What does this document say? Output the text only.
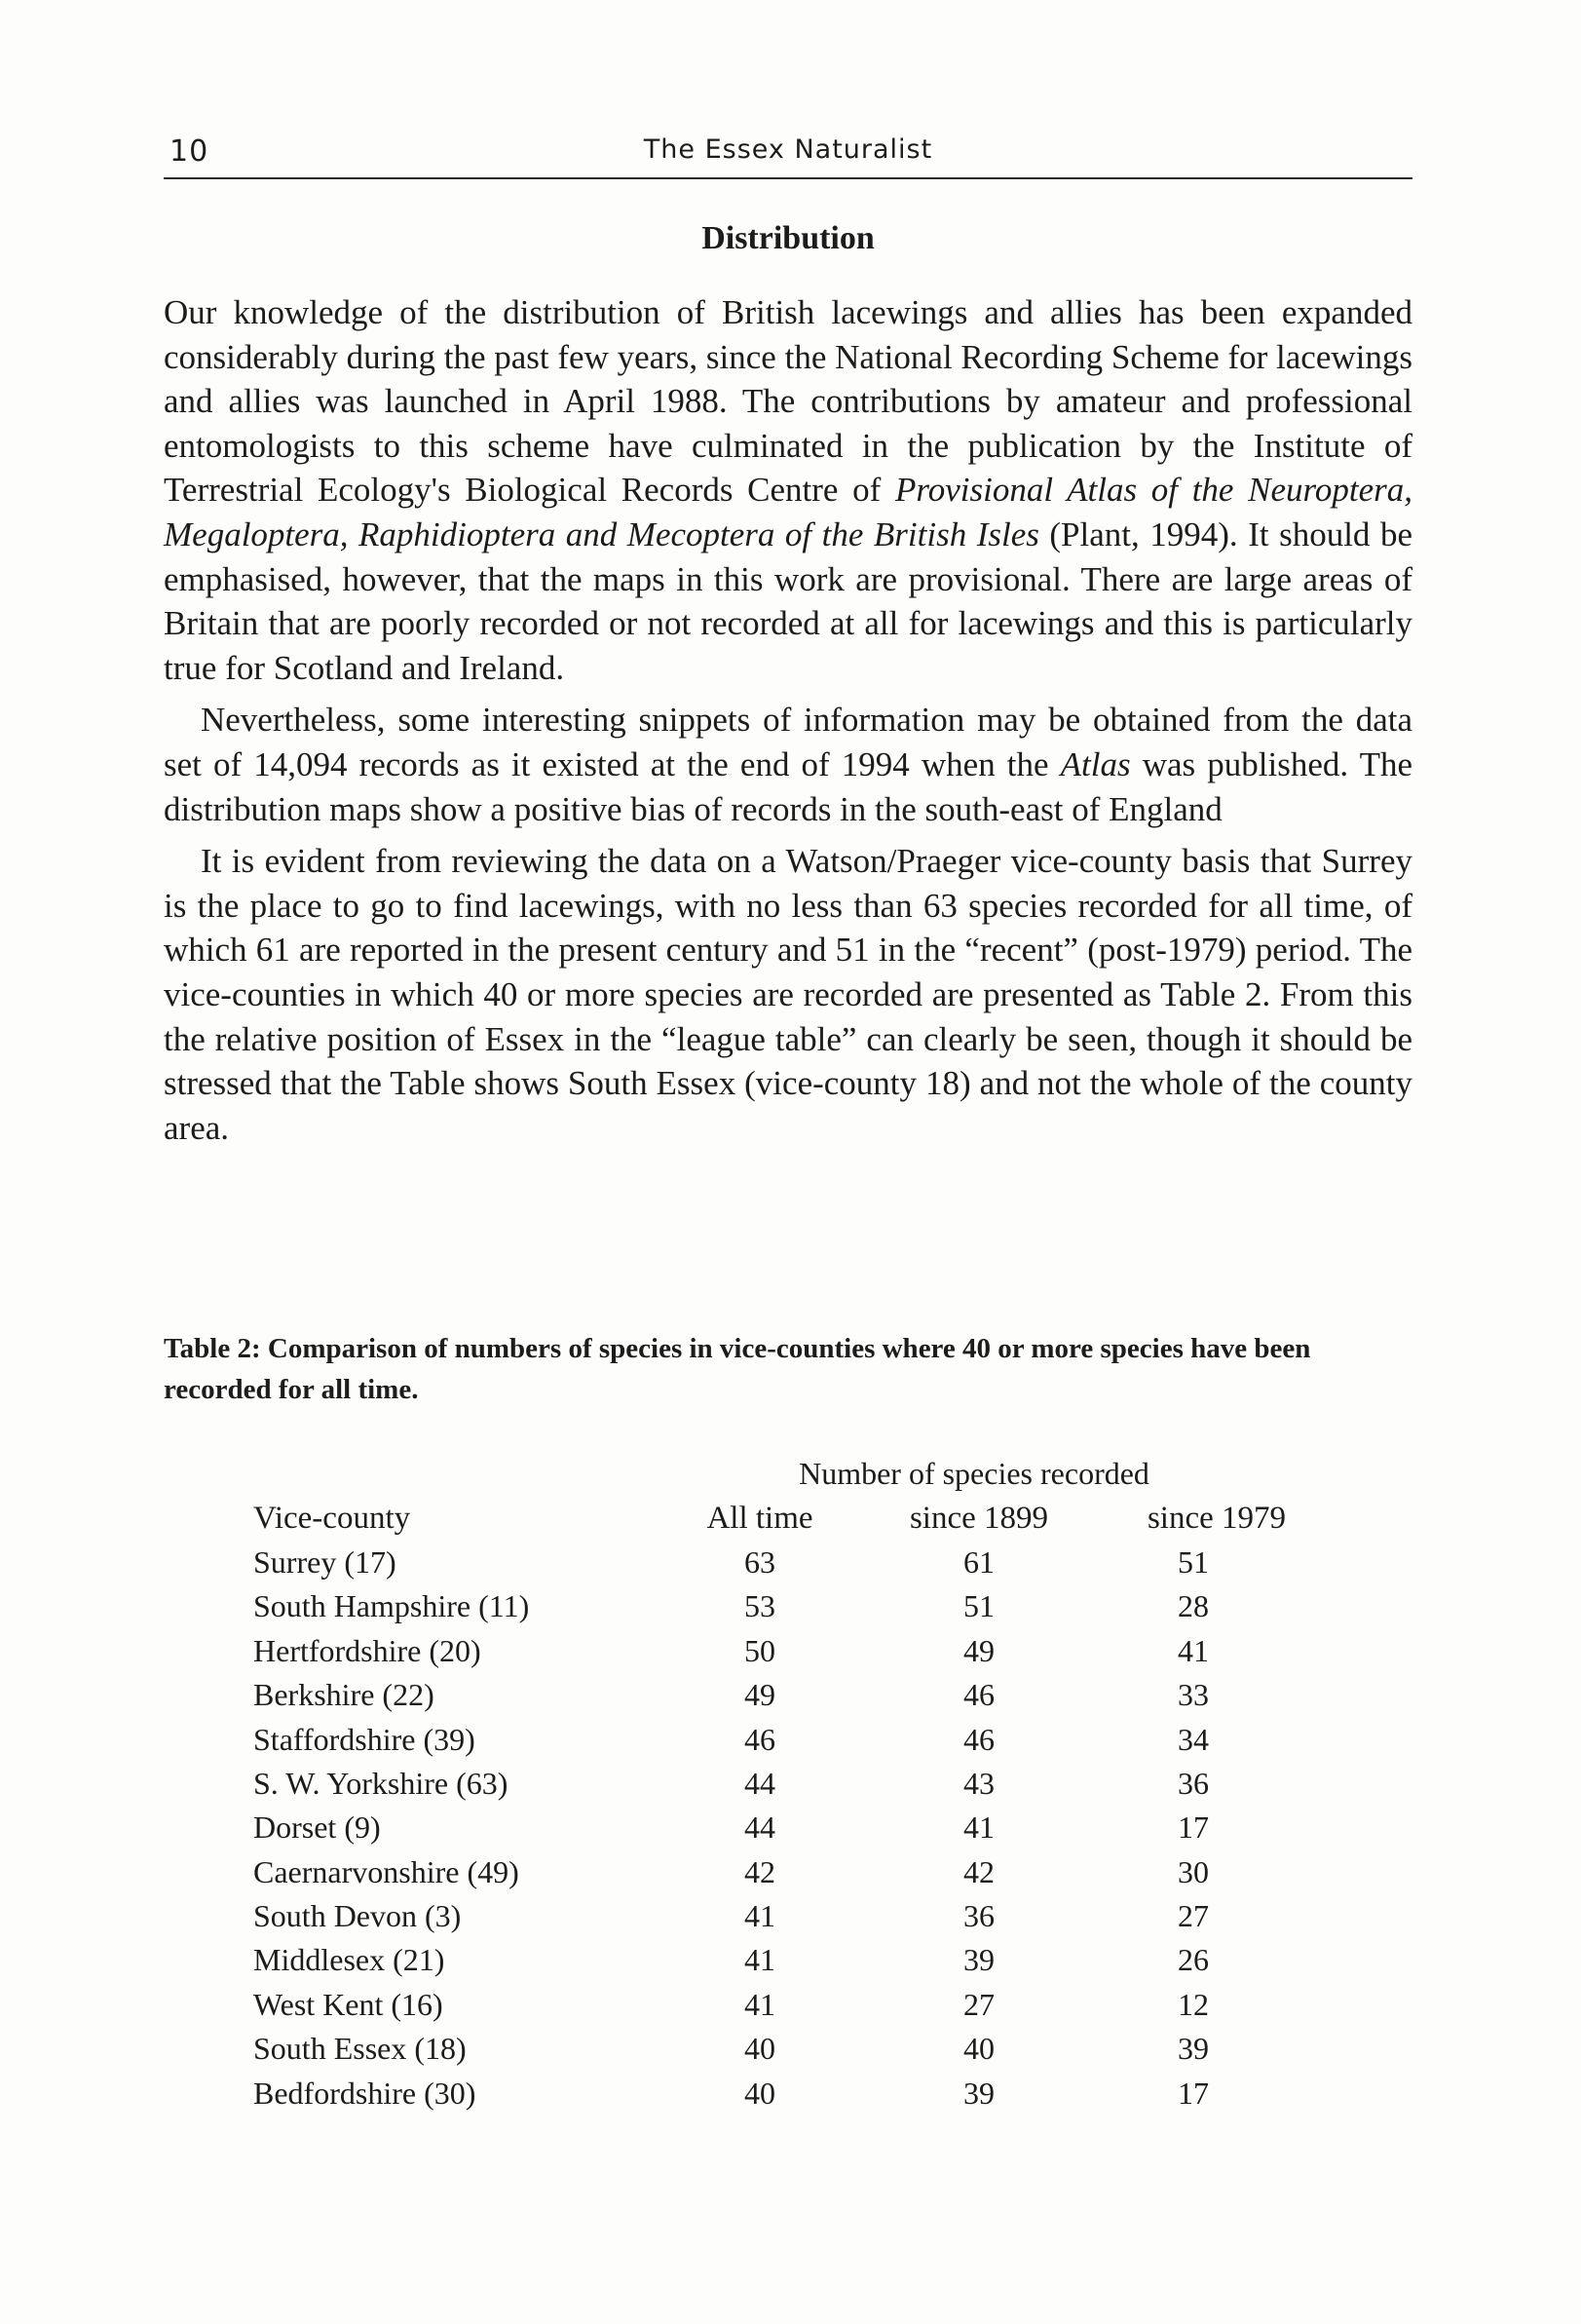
10	The Essex Naturalist
Distribution

Our knowledge of the distribution of British lacewings and allies has been expanded considerably during the past few years, since the National Recording Scheme for lacewings and allies was launched in April 1988. The contributions by amateur and professional entomologists to this scheme have culminated in the publication by the Institute of Terrestrial Ecology's Biological Records Centre of Provisional Atlas of the Neuroptera, Megaloptera, Raphidioptera and Mecoptera of the British Isles (Plant, 1994). It should be emphasised, however, that the maps in this work are provisional. There are large areas of Britain that are poorly recorded or not recorded at all for lacewings and this is particularly true for Scotland and Ireland.

Nevertheless, some interesting snippets of information may be obtained from the data set of 14,094 records as it existed at the end of 1994 when the Atlas was published. The distribution maps show a positive bias of records in the south-east of England

It is evident from reviewing the data on a Watson/Praeger vice-county basis that Surrey is the place to go to find lacewings, with no less than 63 species recorded for all time, of which 61 are reported in the present century and 51 in the “recent” (post-1979) period. The vice-counties in which 40 or more species are recorded are presented as Table 2. From this the relative position of Essex in the “league table” can clearly be seen, though it should be stressed that the Table shows South Essex (vice-county 18) and not the whole of the county area.

Table 2: Comparison of numbers of species in vice-counties where 40 or more species have been recorded for all time.
	Number of species recorded		
Vice-county	All time	since 1899	since 1979
Surrey (17)	63	61	51
South Hampshire (11)	53	51	28
Hertfordshire (20)	50	49	41
Berkshire (22)	49	46	33
Staffordshire (39)	46	46	34
S. W. Yorkshire (63)	44	43	36
Dorset (9)	44	41	17
Caernarvonshire (49)	42	42	30
South Devon (3)	41	36	27
Middlesex (21)	41	39	26
West Kent (16)	41	27	12
South Essex (18)	40	40	39
Bedfordshire (30)	40	39	17
